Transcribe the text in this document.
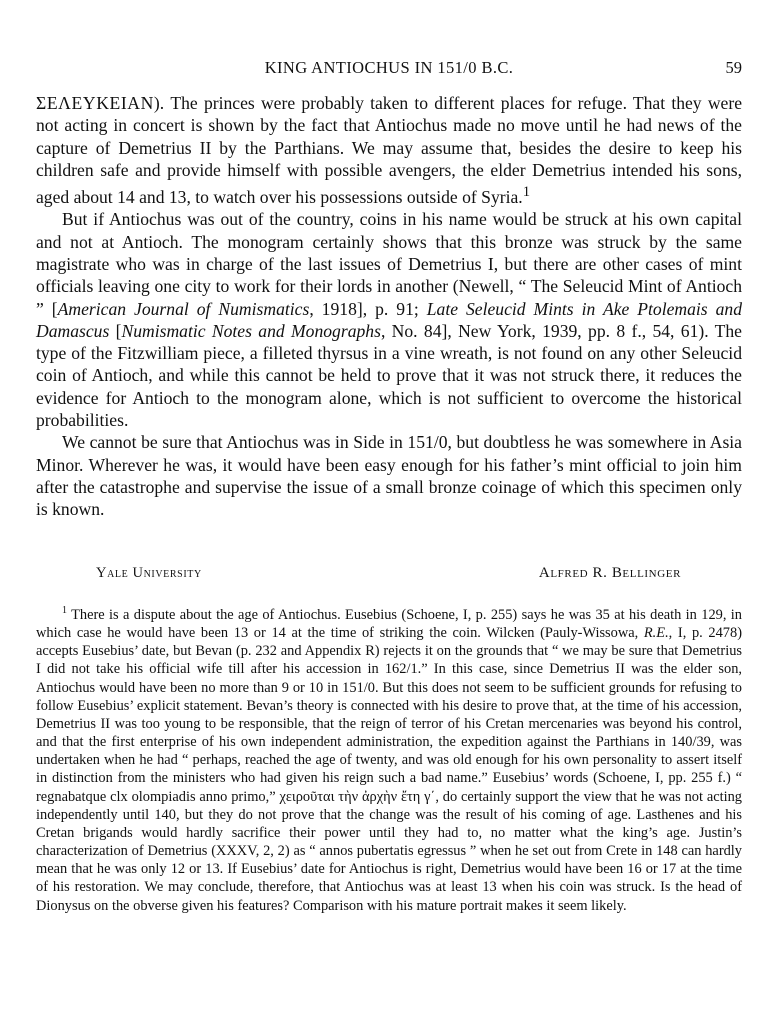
KING ANTIOCHUS IN 151/0 B.C.	59

ΣΕΛΕΥΚΕΙΑΝ). The princes were probably taken to different places for refuge. That they were not acting in concert is shown by the fact that Antiochus made no move until he had news of the capture of Demetrius II by the Parthians. We may assume that, besides the desire to keep his children safe and provide himself with possible avengers, the elder Demetrius intended his sons, aged about 14 and 13, to watch over his possessions outside of Syria.$^1$

But if Antiochus was out of the country, coins in his name would be struck at his own capital and not at Antioch. The monogram certainly shows that this bronze was struck by the same magistrate who was in charge of the last issues of Demetrius I, but there are other cases of mint officials leaving one city to work for their lords in another (Newell, “ The Seleucid Mint of Antioch ” [American Journal of Numismatics, 1918], p. 91; Late Seleucid Mints in Ake Ptolemais and Damascus [Numismatic Notes and Monographs, No. 84], New York, 1939, pp. 8 f., 54, 61). The type of the Fitzwilliam piece, a filleted thyrsus in a vine wreath, is not found on any other Seleucid coin of Antioch, and while this cannot be held to prove that it was not struck there, it reduces the evidence for Antioch to the monogram alone, which is not sufficient to overcome the historical probabilities.

We cannot be sure that Antiochus was in Side in 151/0, but doubtless he was somewhere in Asia Minor. Wherever he was, it would have been easy enough for his father’s mint official to join him after the catastrophe and supervise the issue of a small bronze coinage of which this specimen only is known.

Yale University	Alfred R. Bellinger

$^1$ There is a dispute about the age of Antiochus. Eusebius (Schoene, I, p. 255) says he was 35 at his death in 129, in which case he would have been 13 or 14 at the time of striking the coin. Wilcken (Pauly-Wissowa, R.E., I, p. 2478) accepts Eusebius’ date, but Bevan (p. 232 and Appendix R) rejects it on the grounds that “ we may be sure that Demetrius I did not take his official wife till after his accession in 162/1.” In this case, since Demetrius II was the elder son, Antiochus would have been no more than 9 or 10 in 151/0. But this does not seem to be sufficient grounds for refusing to follow Eusebius’ explicit statement. Bevan’s theory is connected with his desire to prove that, at the time of his accession, Demetrius II was too young to be responsible, that the reign of terror of his Cretan mercenaries was beyond his control, and that the first enterprise of his own independent administration, the expedition against the Parthians in 140/39, was undertaken when he had “ perhaps, reached the age of twenty, and was old enough for his own personality to assert itself in distinction from the ministers who had given his reign such a bad name.” Eusebius’ words (Schoene, I, pp. 255 f.) “ regnabatque clx olompiadis anno primo,” χειροῦται τὴν ἀρχὴν ἔτη γ΄, do certainly support the view that he was not acting independently until 140, but they do not prove that the change was the result of his coming of age. Lasthenes and his Cretan brigands would hardly sacrifice their power until they had to, no matter what the king’s age. Justin’s characterization of Demetrius (XXXV, 2, 2) as “ annos pubertatis egressus ” when he set out from Crete in 148 can hardly mean that he was only 12 or 13. If Eusebius’ date for Antiochus is right, Demetrius would have been 16 or 17 at the time of his restoration. We may conclude, therefore, that Antiochus was at least 13 when his coin was struck. Is the head of Dionysus on the obverse given his features? Comparison with his mature portrait makes it seem likely.
